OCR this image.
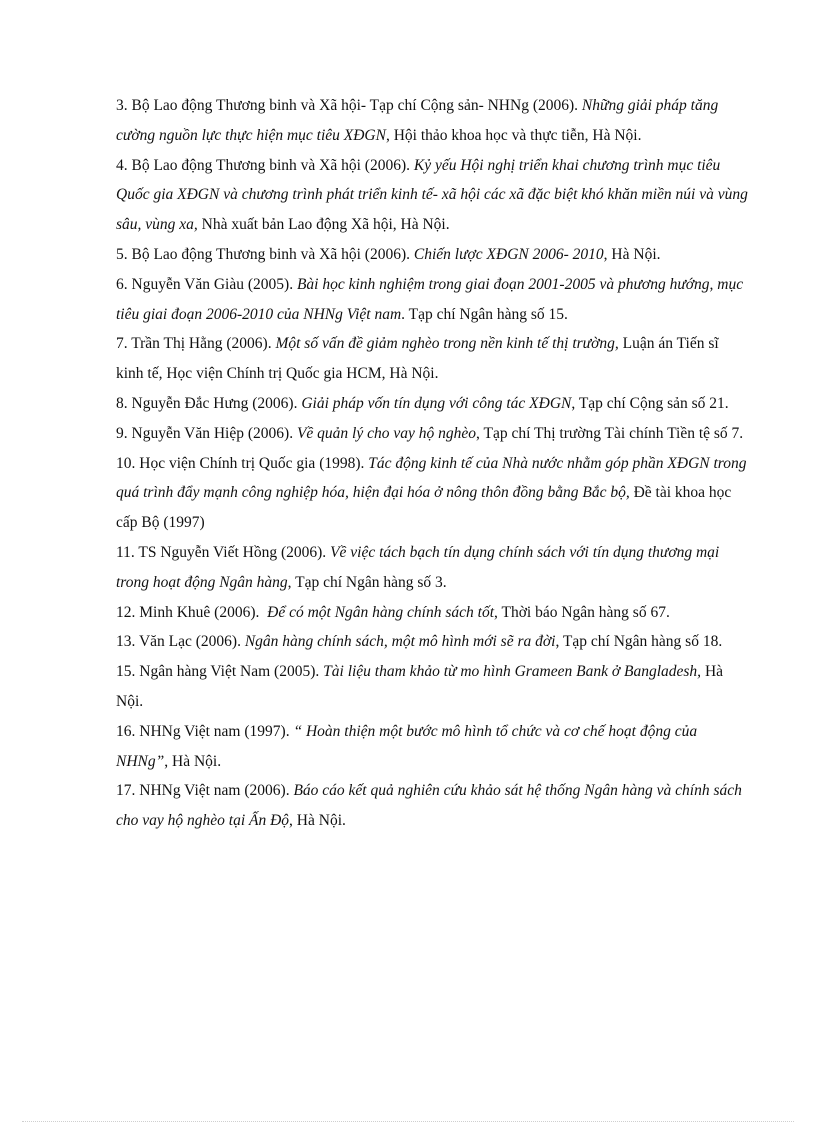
3. Bộ Lao động Thương binh và Xã hội- Tạp chí Cộng sản- NHNg (2006). Những giải pháp tăng cường nguồn lực thực hiện mục tiêu XĐGN, Hội thảo khoa học và thực tiễn, Hà Nội.

4. Bộ Lao động Thương binh và Xã hội (2006). Kỷ yếu Hội nghị triển khai chương trình mục tiêu Quốc gia XĐGN và chương trình phát triển kinh tế- xã hội các xã đặc biệt khó khăn miền núi và vùng sâu, vùng xa, Nhà xuất bản Lao động Xã hội, Hà Nội.

5. Bộ Lao động Thương binh và Xã hội (2006). Chiến lược XĐGN 2006- 2010, Hà Nội.

6. Nguyễn Văn Giàu (2005). Bài học kinh nghiệm trong giai đoạn 2001-2005 và phương hướng, mục tiêu giai đoạn 2006-2010 của NHNg Việt nam. Tạp chí Ngân hàng số 15.

7. Trần Thị Hằng (2006). Một số vấn đề giảm nghèo trong nền kinh tế thị trường, Luận án Tiến sĩ kinh tế, Học viện Chính trị Quốc gia HCM, Hà Nội.

8. Nguyễn Đắc Hưng (2006). Giải pháp vốn tín dụng với công tác XĐGN, Tạp chí Cộng sản số 21.

9. Nguyễn Văn Hiệp (2006). Về quản lý cho vay hộ nghèo, Tạp chí Thị trường Tài chính Tiền tệ số 7.

10. Học viện Chính trị Quốc gia (1998). Tác động kinh tế của Nhà nước nhằm góp phần XĐGN trong quá trình đẩy mạnh công nghiệp hóa, hiện đại hóa ở nông thôn đồng bằng Bắc bộ, Đề tài khoa học cấp Bộ (1997)

11. TS Nguyễn Viết Hồng (2006). Về việc tách bạch tín dụng chính sách với tín dụng thương mại trong hoạt động Ngân hàng, Tạp chí Ngân hàng số 3.

12. Minh Khuê (2006).  Để có một Ngân hàng chính sách tốt, Thời báo Ngân hàng số 67.

13. Văn Lạc (2006). Ngân hàng chính sách, một mô hình mới sẽ ra đời, Tạp chí Ngân hàng số 18.

15. Ngân hàng Việt Nam (2005). Tài liệu tham khảo từ mo hình Grameen Bank ở Bangladesh, Hà Nội.

16. NHNg Việt nam (1997). “ Hoàn thiện một bước mô hình tổ chức và cơ chế hoạt động của NHNg”, Hà Nội.

17. NHNg Việt nam (2006). Báo cáo kết quả nghiên cứu khảo sát hệ thống Ngân hàng và chính sách cho vay hộ nghèo tại Ấn Độ, Hà Nội.
